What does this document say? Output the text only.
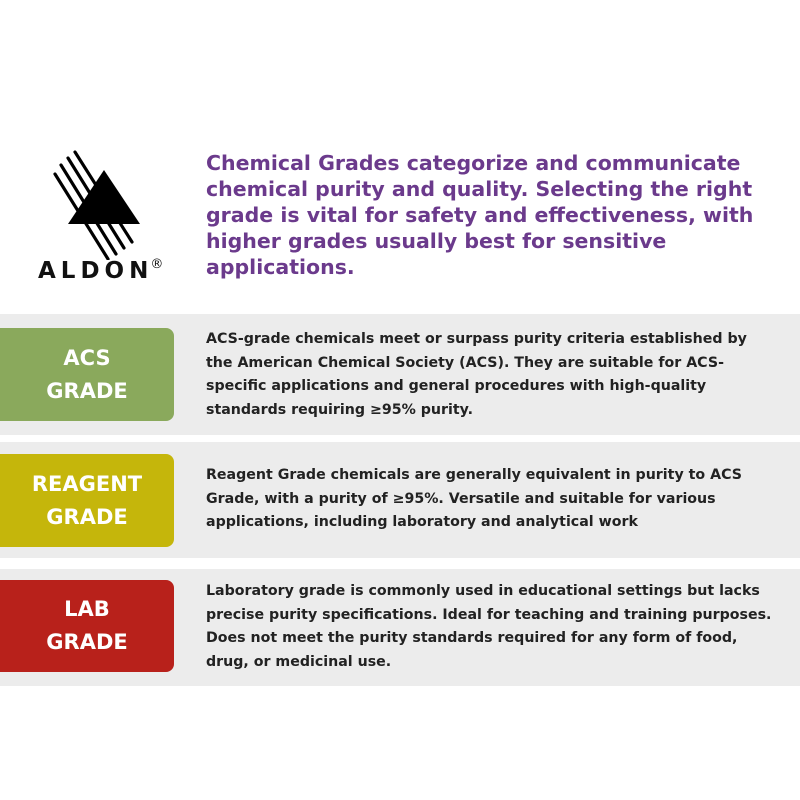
ALDON®

Chemical Grades categorize and communicate chemical purity and quality. Selecting the right grade is vital for safety and effectiveness, with higher grades usually best for sensitive applications.

ACS
GRADE

ACS-grade chemicals meet or surpass purity criteria established by the American Chemical Society (ACS). They are suitable for ACS-specific applications and general procedures with high-quality standards requiring ≥95% purity.

REAGENT
GRADE

Reagent Grade chemicals are generally equivalent in purity to ACS Grade, with a purity of ≥95%. Versatile and suitable for various applications, including laboratory and analytical work

LAB
GRADE

Laboratory grade is commonly used in educational settings but lacks precise purity specifications. Ideal for teaching and training purposes. Does not meet the purity standards required for any form of food, drug, or medicinal use.
